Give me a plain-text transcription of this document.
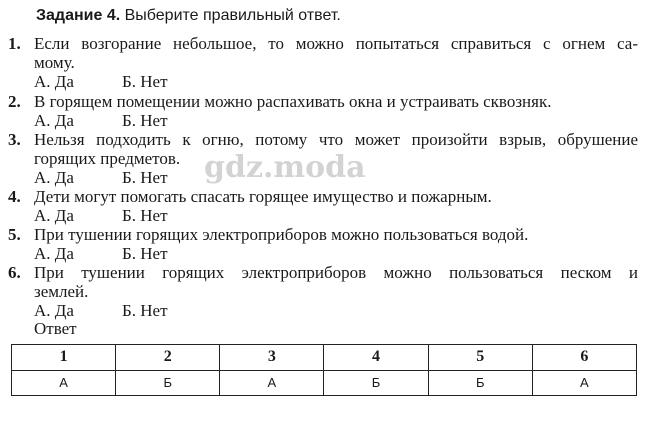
Задание 4. Выберите правильный ответ.
1. Если возгорание небольшое, то можно попытаться справиться с огнем са-
мому.
А. Да	Б. Нет
2. В горящем помещении можно распахивать окна и устраивать сквозняк.
А. Да	Б. Нет
3. Нельзя подходить к огню, потому что может произойти взрыв, обрушение
горящих предметов.
А. Да	Б. Нет
4. Дети могут помогать спасать горящее имущество и пожарным.
А. Да	Б. Нет
5. При тушении горящих электроприборов можно пользоваться водой.
А. Да	Б. Нет
6. При тушении горящих электроприборов можно пользоваться песком и
землей.
А. Да	Б. Нет
Ответ
1	2	3	4	5	6
А	Б	А	Б	Б	А
gdz.moda
